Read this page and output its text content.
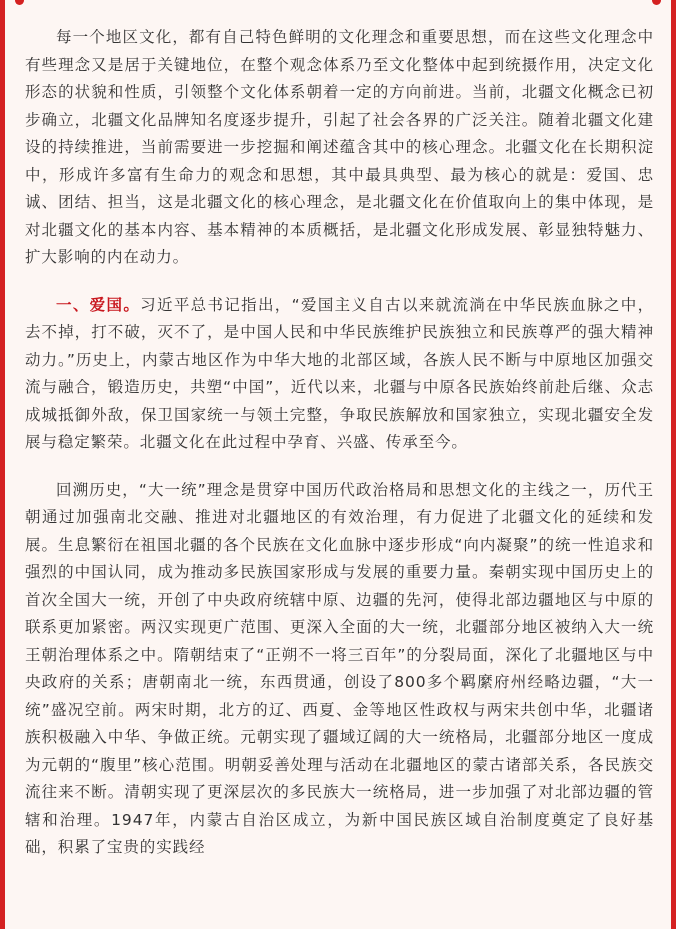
每一个地区文化，都有自己特色鲜明的文化理念和重要思想，而在这些文化理念中有些理念又是居于关键地位，在整个观念体系乃至文化整体中起到统摄作用，决定文化形态的状貌和性质，引领整个文化体系朝着一定的方向前进。当前，北疆文化概念已初步确立，北疆文化品牌知名度逐步提升，引起了社会各界的广泛关注。随着北疆文化建设的持续推进，当前需要进一步挖掘和阐述蕴含其中的核心理念。北疆文化在长期积淀中，形成许多富有生命力的观念和思想，其中最具典型、最为核心的就是：爱国、忠诚、团结、担当，这是北疆文化的核心理念，是北疆文化在价值取向上的集中体现，是对北疆文化的基本内容、基本精神的本质概括，是北疆文化形成发展、彰显独特魅力、扩大影响的内在动力。

一、爱国。习近平总书记指出，“爱国主义自古以来就流淌在中华民族血脉之中，去不掉，打不破，灭不了，是中国人民和中华民族维护民族独立和民族尊严的强大精神动力。”历史上，内蒙古地区作为中华大地的北部区域，各族人民不断与中原地区加强交流与融合，锻造历史，共塑“中国”，近代以来，北疆与中原各民族始终前赴后继、众志成城抵御外敌，保卫国家统一与领土完整，争取民族解放和国家独立，实现北疆安全发展与稳定繁荣。北疆文化在此过程中孕育、兴盛、传承至今。

回溯历史，“大一统”理念是贯穿中国历代政治格局和思想文化的主线之一，历代王朝通过加强南北交融、推进对北疆地区的有效治理，有力促进了北疆文化的延续和发展。生息繁衍在祖国北疆的各个民族在文化血脉中逐步形成“向内凝聚”的统一性追求和强烈的中国认同，成为推动多民族国家形成与发展的重要力量。秦朝实现中国历史上的首次全国大一统，开创了中央政府统辖中原、边疆的先河，使得北部边疆地区与中原的联系更加紧密。两汉实现更广范围、更深入全面的大一统，北疆部分地区被纳入大一统王朝治理体系之中。隋朝结束了“正朔不一将三百年”的分裂局面，深化了北疆地区与中央政府的关系；唐朝南北一统，东西贯通，创设了800多个羁縻府州经略边疆，“大一统”盛况空前。两宋时期，北方的辽、西夏、金等地区性政权与两宋共创中华，北疆诸族积极融入中华、争做正统。元朝实现了疆域辽阔的大一统格局，北疆部分地区一度成为元朝的“腹里”核心范围。明朝妥善处理与活动在北疆地区的蒙古诸部关系，各民族交流往来不断。清朝实现了更深层次的多民族大一统格局，进一步加强了对北部边疆的管辖和治理。1947年，内蒙古自治区成立，为新中国民族区域自治制度奠定了良好基础，积累了宝贵的实践经
